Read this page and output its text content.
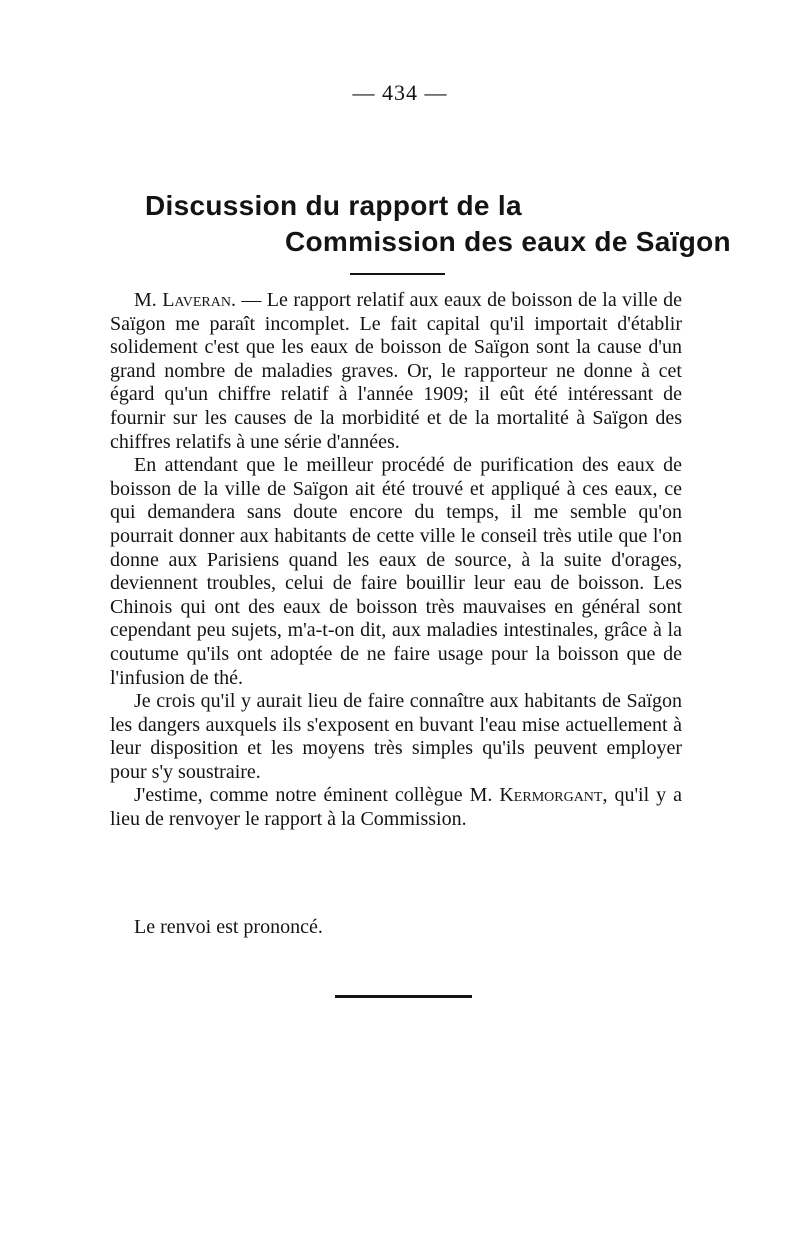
— 434 —
Discussion du rapport de la
Commission des eaux de Saïgon

M. Laveran. — Le rapport relatif aux eaux de boisson de la ville de Saïgon me paraît incomplet. Le fait capital qu'il importait d'établir solidement c'est que les eaux de boisson de Saïgon sont la cause d'un grand nombre de maladies graves. Or, le rapporteur ne donne à cet égard qu'un chiffre relatif à l'année 1909; il eût été intéressant de fournir sur les causes de la morbidité et de la mortalité à Saïgon des chiffres relatifs à une série d'années.

En attendant que le meilleur procédé de purification des eaux de boisson de la ville de Saïgon ait été trouvé et appliqué à ces eaux, ce qui demandera sans doute encore du temps, il me semble qu'on pourrait donner aux habitants de cette ville le conseil très utile que l'on donne aux Parisiens quand les eaux de source, à la suite d'orages, deviennent troubles, celui de faire bouillir leur eau de boisson. Les Chinois qui ont des eaux de boisson très mauvaises en général sont cependant peu sujets, m'a-t-on dit, aux maladies intestinales, grâce à la coutume qu'ils ont adoptée de ne faire usage pour la boisson que de l'infusion de thé.

Je crois qu'il y aurait lieu de faire connaître aux habitants de Saïgon les dangers auxquels ils s'exposent en buvant l'eau mise actuellement à leur disposition et les moyens très simples qu'ils peuvent employer pour s'y soustraire.

J'estime, comme notre éminent collègue M. Kermorgant, qu'il y a lieu de renvoyer le rapport à la Commission.

Le renvoi est prononcé.
